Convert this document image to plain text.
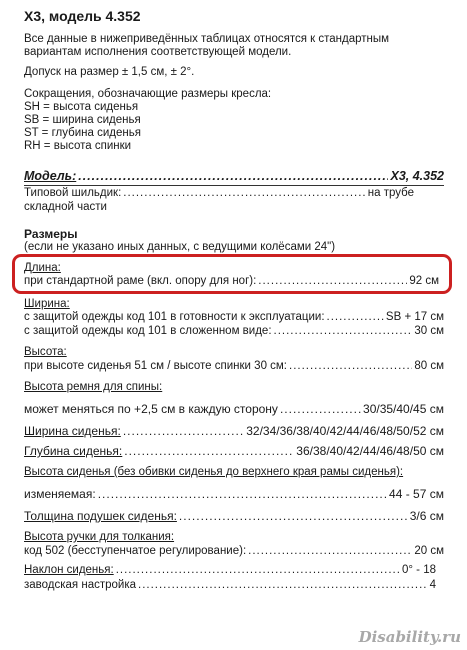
X3, модель 4.352
Все данные в нижеприведённых таблицах относятся к стандартным
вариантам исполнения соответствующей модели.
Допуск на размер ± 1,5 см, ± 2°.
Сокращения, обозначающие размеры кресла:
SH = высота сиденья
SB = ширина сиденья
ST = глубина сиденья
RH = высота спинки
Модель: .....	X3, 4.352
Типовой шильдик: .....	на трубе
складной части
Размеры
(если не указано иных данных, с ведущими колёсами 24")
Длина:
при стандартной раме (вкл. опору для ног): .....	92 см
Ширина:
с защитой одежды код 101 в готовности к эксплуатации: .....	SB + 17 см
с защитой одежды код 101 в сложенном виде: .....	30 см
Высота:
при высоте сиденья 51 см / высоте спинки 30 см: .....	80 см
Высота ремня для спины:
может меняться по +2,5 см в каждую сторону .....	30/35/40/45 см
Ширина сиденья: .....	32/34/36/38/40/42/44/46/48/50/52 см
Глубина сиденья: .....	36/38/40/42/44/46/48/50 см
Высота сиденья (без обивки сиденья до верхнего края рамы сиденья):
изменяемая: .....	44 - 57 см
Толщина подушек сиденья: .....	3/6 см
Высота ручки для толкания:
код 502 (бесступенчатое регулирование): .....	20 см
Наклон сиденья: .....	0° - 18
заводская настройка .....	4
Disability.ru
